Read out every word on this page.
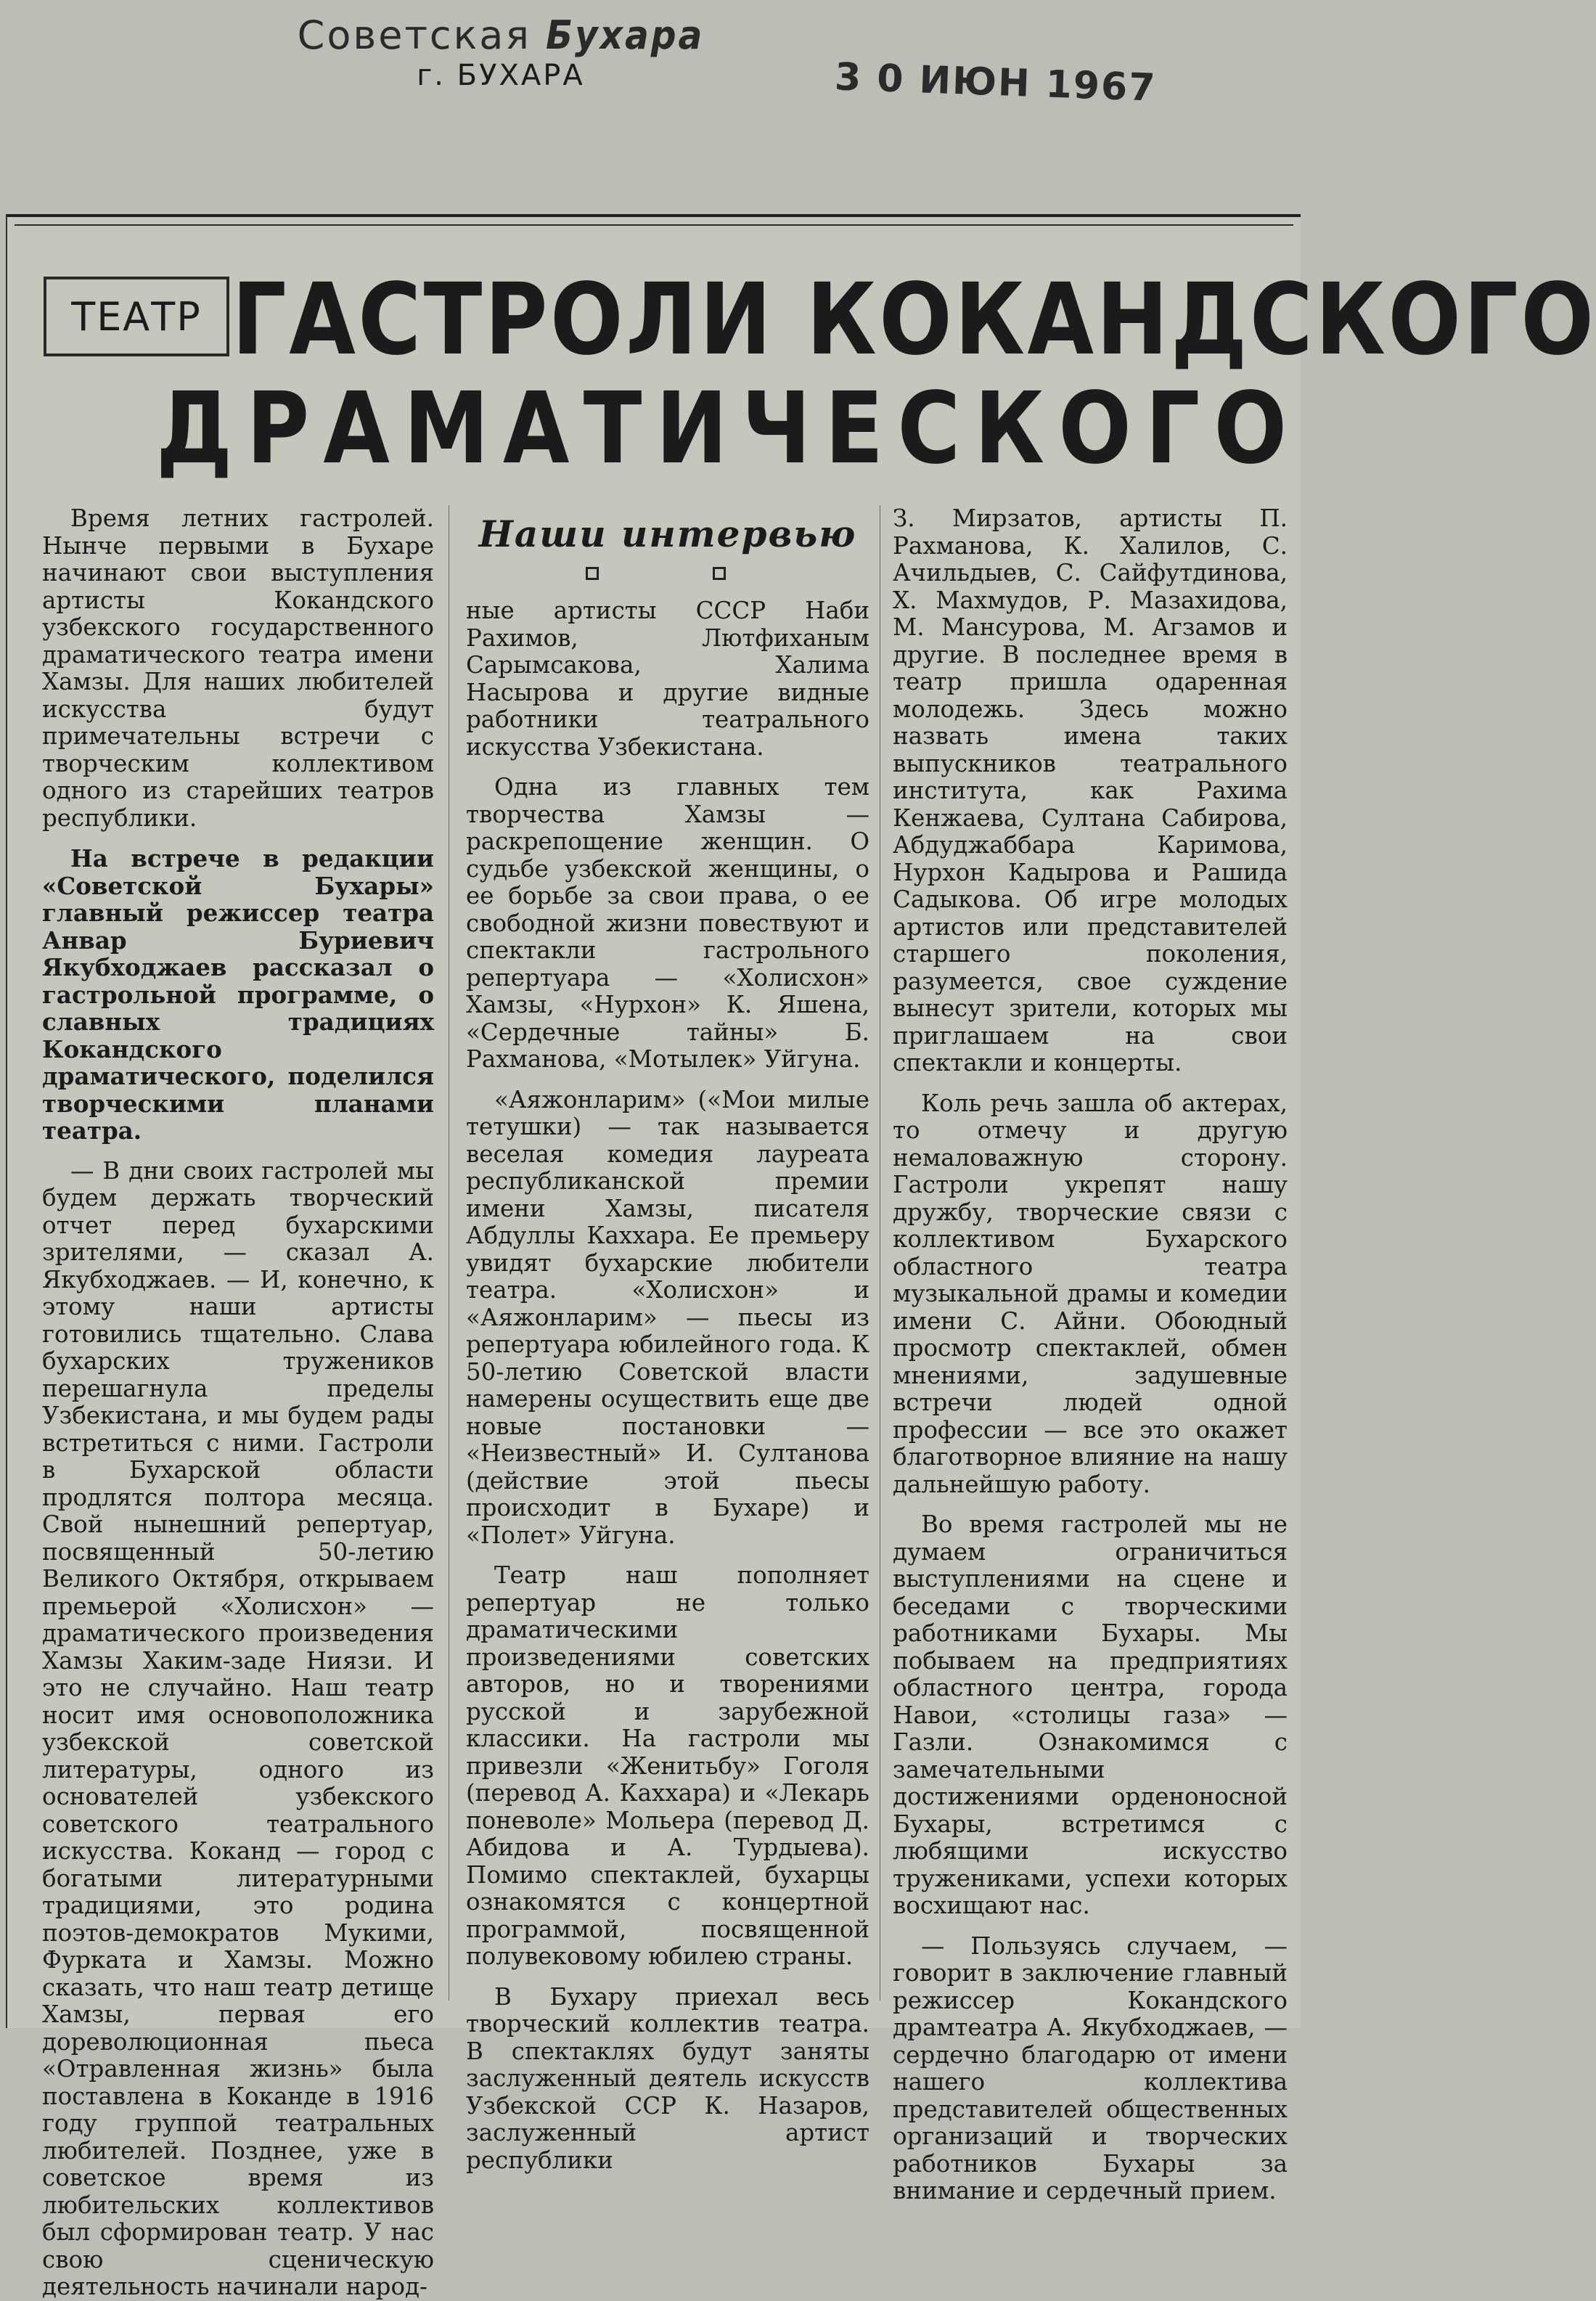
Советская Бухара
г. БУХАРА	3 0 ИЮН 1967
ТЕАТР ГАСТРОЛИ КОКАНДСКОГО
ДРАМАТИЧЕСКОГО
Наши интервью

Время летних гастролей. Нынче первыми в Бухаре начинают свои выступления артисты Кокандского узбекского государственного драматического театра имени Хамзы. Для наших любителей искусства будут примечательны встречи с творческим коллективом одного из старейших театров республики.

На встрече в редакции «Советской Бухары» главный режиссер театра Анвар Буриевич Якубходжаев рассказал о гастрольной программе, о славных традициях Кокандского драматического, поделился творческими планами театра.

— В дни своих гастролей мы будем держать творческий отчет перед бухарскими зрителями, — сказал А. Якубходжаев. — И, конечно, к этому наши артисты готовились тщательно. Слава бухарских тружеников перешагнула пределы Узбекистана, и мы будем рады встретиться с ними. Гастроли в Бухарской области продлятся полтора месяца. Свой нынешний репертуар, посвященный 50-летию Великого Октября, открываем премьерой «Холисхон» — драматического произведения Хамзы Хаким-заде Ниязи. И это не случайно. Наш театр носит имя основоположника узбекской советской литературы, одного из основателей узбекского советского театрального искусства. Коканд — город с богатыми литературными традициями, это родина поэтов-демократов Мукими, Фурката и Хамзы. Можно сказать, что наш театр детище Хамзы, первая его дореволюционная пьеса «Отравленная жизнь» была поставлена в Коканде в 1916 году группой театральных любителей. Позднее, уже в советское время из любительских коллективов был сформирован театр. У нас свою сценическую деятельность начинали народ-

ные артисты СССР Наби Рахимов, Лютфиханым Сарымсакова, Халима Насырова и другие видные работники театрального искусства Узбекистана.

Одна из главных тем творчества Хамзы — раскрепощение женщин. О судьбе узбекской женщины, о ее борьбе за свои права, о ее свободной жизни повествуют и спектакли гастрольного репертуара — «Холисхон» Хамзы, «Нурхон» К. Яшена, «Сердечные тайны» Б. Рахманова, «Мотылек» Уйгуна.

«Аяжонларим» («Мои милые тетушки) — так называется веселая комедия лауреата республиканской премии имени Хамзы, писателя Абдуллы Каххара. Ее премьеру увидят бухарские любители театра. «Холисхон» и «Аяжонларим» — пьесы из репертуара юбилейного года. К 50-летию Советской власти намерены осуществить еще две новые постановки — «Неизвестный» И. Султанова (действие этой пьесы происходит в Бухаре) и «Полет» Уйгуна.

Театр наш пополняет репертуар не только драматическими произведениями советских авторов, но и творениями русской и зарубежной классики. На гастроли мы привезли «Женитьбу» Гоголя (перевод А. Каххара) и «Лекарь поневоле» Мольера (перевод Д. Абидова и А. Турдыева). Помимо спектаклей, бухарцы ознакомятся с концертной программой, посвященной полувековому юбилею страны.

В Бухару приехал весь творческий коллектив театра. В спектаклях будут заняты заслуженный деятель искусств Узбекской ССР К. Назаров, заслуженный артист республики

З. Мирзатов, артисты П. Рахманова, К. Халилов, С. Ачильдыев, С. Сайфутдинова, Х. Махмудов, Р. Мазахидова, М. Мансурова, М. Агзамов и другие. В последнее время в театр пришла одаренная молодежь. Здесь можно назвать имена таких выпускников театрального института, как Рахима Кенжаева, Султана Сабирова, Абдуджаббара Каримова, Нурхон Кадырова и Рашида Садыкова. Об игре молодых артистов или представителей старшего поколения, разумеется, свое суждение вынесут зрители, которых мы приглашаем на свои спектакли и концерты.

Коль речь зашла об актерах, то отмечу и другую немаловажную сторону. Гастроли укрепят нашу дружбу, творческие связи с коллективом Бухарского областного театра музыкальной драмы и комедии имени С. Айни. Обоюдный просмотр спектаклей, обмен мнениями, задушевные встречи людей одной профессии — все это окажет благотворное влияние на нашу дальнейшую работу.

Во время гастролей мы не думаем ограничиться выступлениями на сцене и беседами с творческими работниками Бухары. Мы побываем на предприятиях областного центра, города Навои, «столицы газа» — Газли. Ознакомимся с замечательными достижениями орденоносной Бухары, встретимся с любящими искусство тружениками, успехи которых восхищают нас.

— Пользуясь случаем, — говорит в заключение главный режиссер Кокандского драмтеатра А. Якубходжаев, — сердечно благодарю от имени нашего коллектива представителей общественных организаций и творческих работников Бухары за внимание и сердечный прием.
